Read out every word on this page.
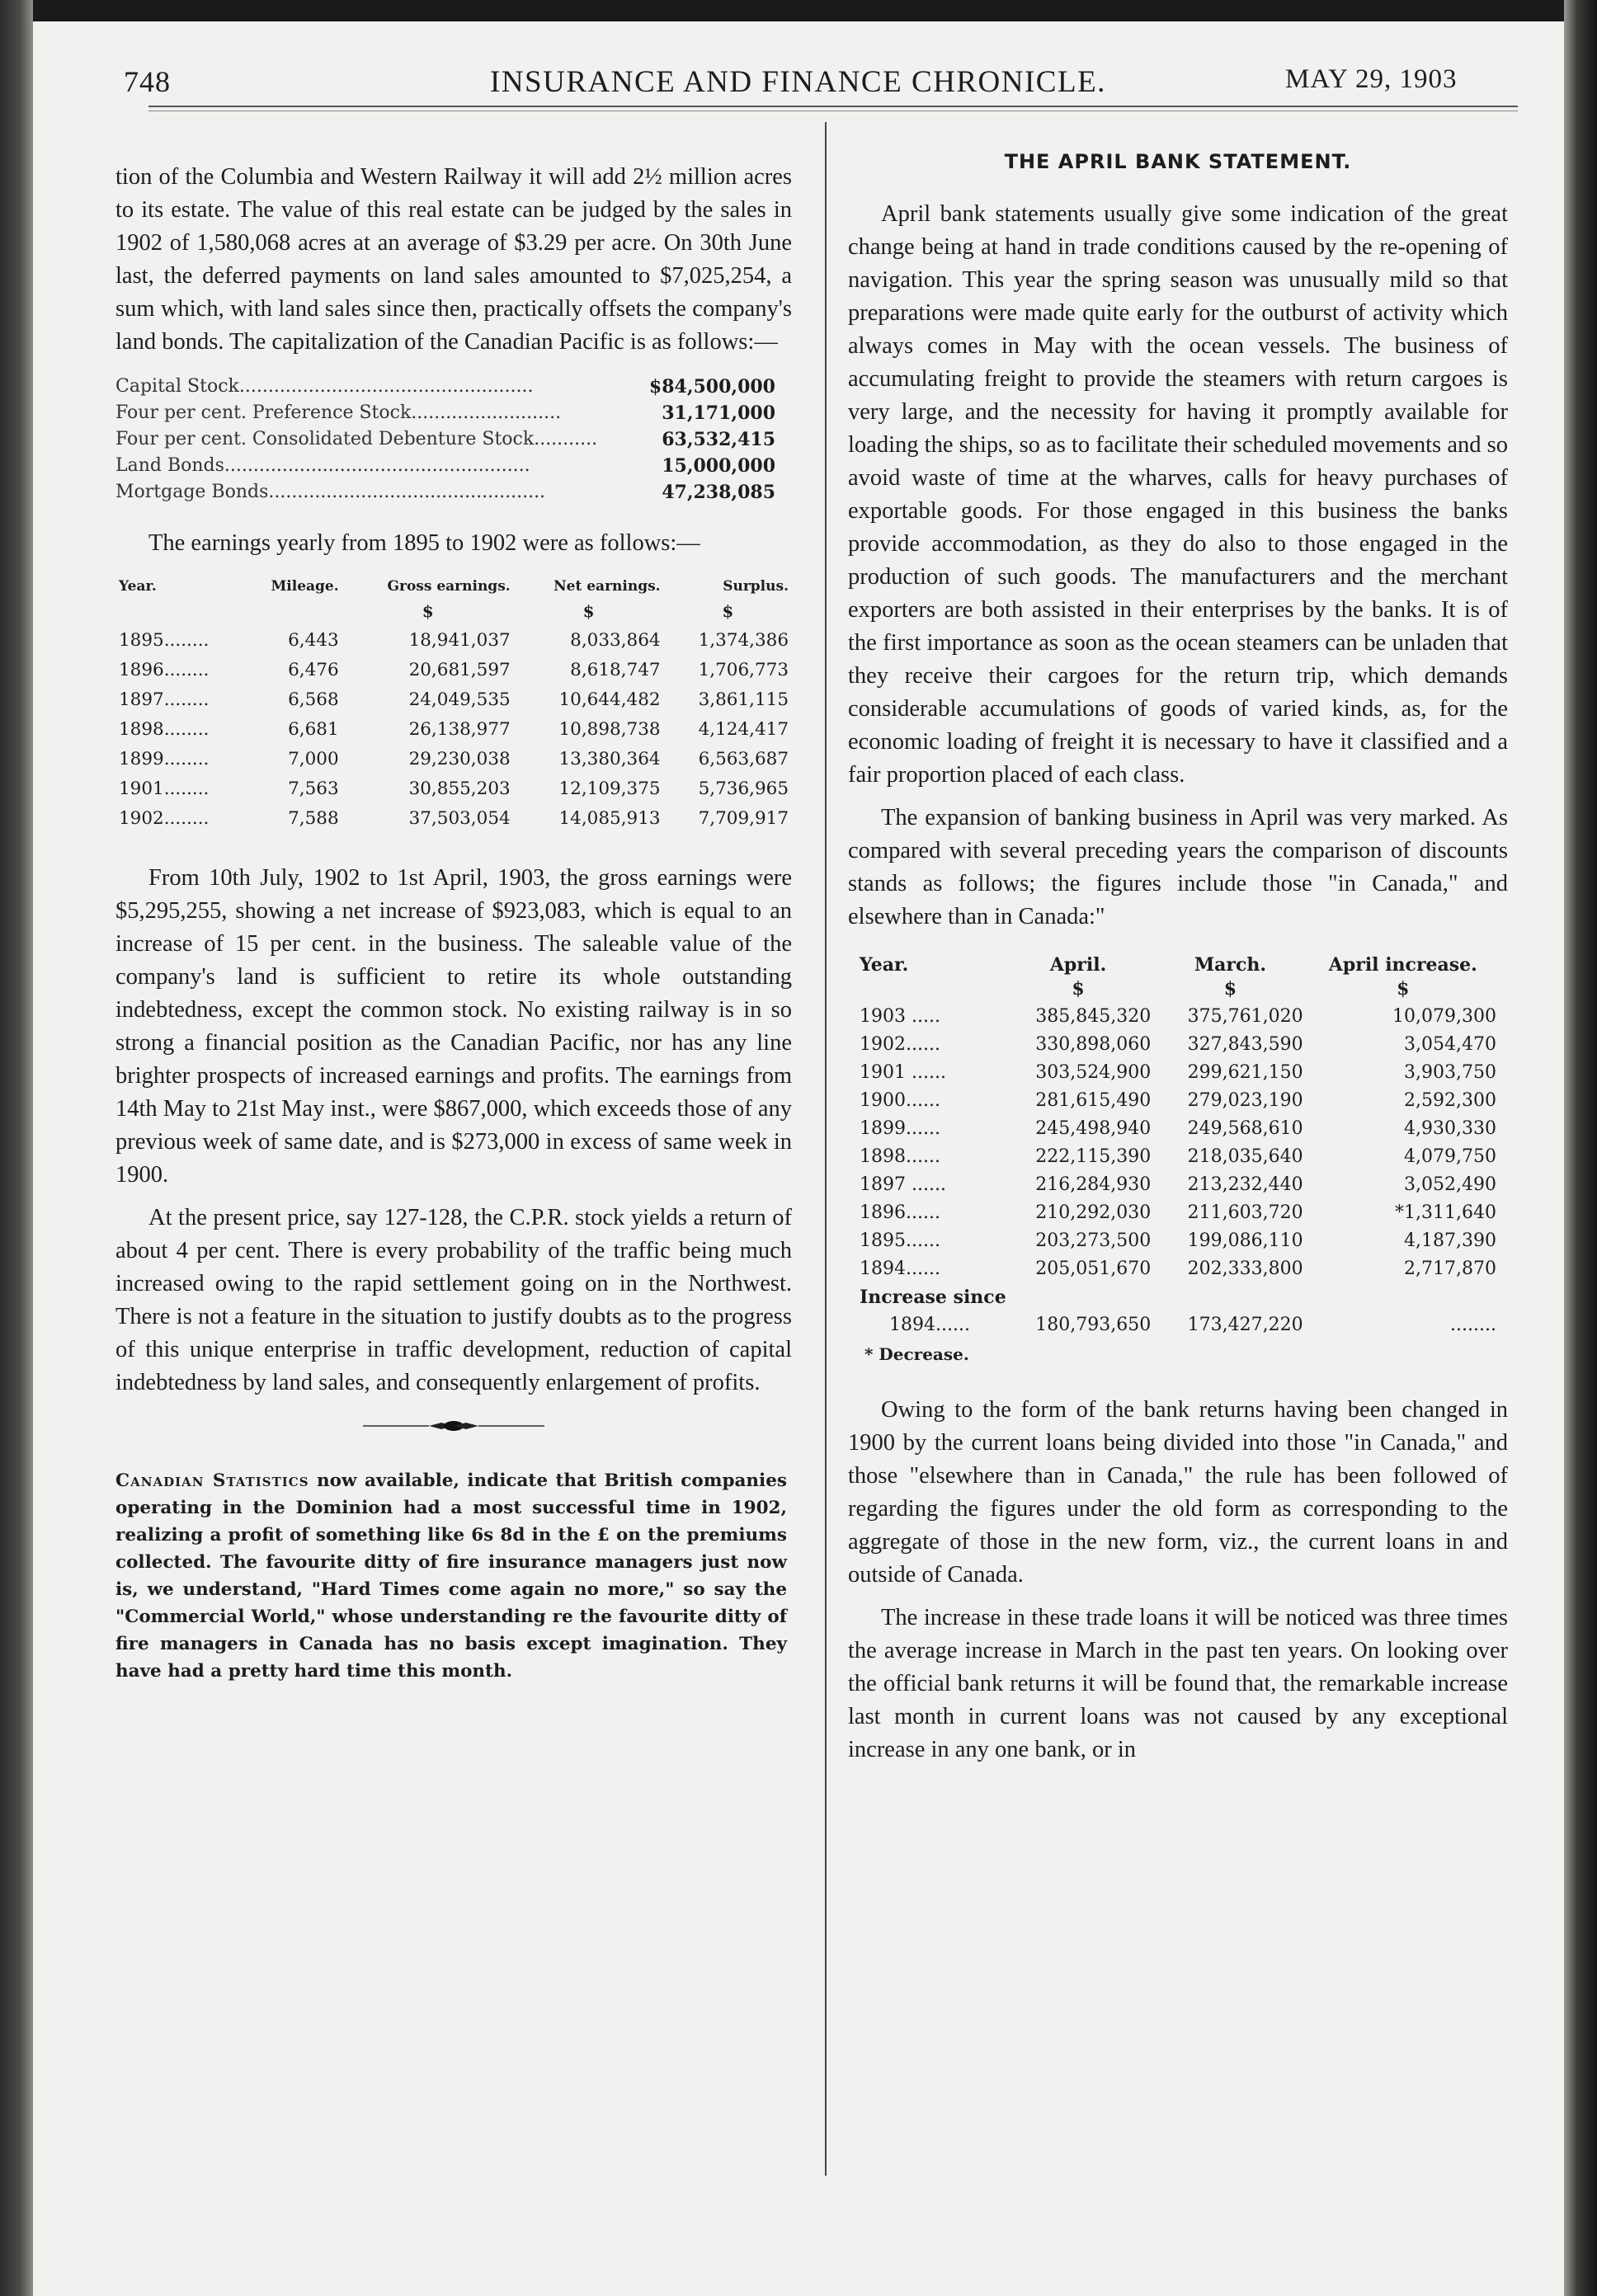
748	INSURANCE AND FINANCE CHRONICLE.	MAY 29, 1903

tion of the Columbia and Western Railway it will add 2½ million acres to its estate. The value of this real estate can be judged by the sales in 1902 of 1,580,068 acres at an average of $3.29 per acre. On 30th June last, the deferred payments on land sales amounted to $7,025,254, a sum which, with land sales since then, practically offsets the company's land bonds. The capitalization of the Canadian Pacific is as follows:—

Capital Stock...................................................	$84,500,000
Four per cent. Preference Stock..........................	31,171,000
Four per cent. Consolidated Debenture Stock...........	63,532,415
Land Bonds.....................................................	15,000,000
Mortgage Bonds................................................	47,238,085

The earnings yearly from 1895 to 1902 were as follows:—

Year.	Mileage.	Gross earnings.	Net earnings.	Surplus.
		$	$	$
1895........	6,443	18,941,037	8,033,864	1,374,386
1896........	6,476	20,681,597	8,618,747	1,706,773
1897........	6,568	24,049,535	10,644,482	3,861,115
1898........	6,681	26,138,977	10,898,738	4,124,417
1899........	7,000	29,230,038	13,380,364	6,563,687
1901........	7,563	30,855,203	12,109,375	5,736,965
1902........	7,588	37,503,054	14,085,913	7,709,917

From 10th July, 1902 to 1st April, 1903, the gross earnings were $5,295,255, showing a net increase of $923,083, which is equal to an increase of 15 per cent. in the business. The saleable value of the company's land is sufficient to retire its whole outstanding indebtedness, except the common stock. No existing railway is in so strong a financial position as the Canadian Pacific, nor has any line brighter prospects of increased earnings and profits. The earnings from 14th May to 21st May inst., were $867,000, which exceeds those of any previous week of same date, and is $273,000 in excess of same week in 1900.

At the present price, say 127-128, the C.P.R. stock yields a return of about 4 per cent. There is every probability of the traffic being much increased owing to the rapid settlement going on in the Northwest. There is not a feature in the situation to justify doubts as to the progress of this unique enterprise in traffic development, reduction of capital indebtedness by land sales, and consequently enlargement of profits.

Canadian Statistics now available, indicate that British companies operating in the Dominion had a most successful time in 1902, realizing a profit of something like 6s 8d in the £ on the premiums collected. The favourite ditty of fire insurance managers just now is, we understand, "Hard Times come again no more," so say the "Commercial World," whose understanding re the favourite ditty of fire managers in Canada has no basis except imagination. They have had a pretty hard time this month.

THE APRIL BANK STATEMENT.

April bank statements usually give some indication of the great change being at hand in trade conditions caused by the re-opening of navigation. This year the spring season was unusually mild so that preparations were made quite early for the outburst of activity which always comes in May with the ocean vessels. The business of accumulating freight to provide the steamers with return cargoes is very large, and the necessity for having it promptly available for loading the ships, so as to facilitate their scheduled movements and so avoid waste of time at the wharves, calls for heavy purchases of exportable goods. For those engaged in this business the banks provide accommodation, as they do also to those engaged in the production of such goods. The manufacturers and the merchant exporters are both assisted in their enterprises by the banks. It is of the first importance as soon as the ocean steamers can be unladen that they receive their cargoes for the return trip, which demands considerable accumulations of goods of varied kinds, as, for the economic loading of freight it is necessary to have it classified and a fair proportion placed of each class.

The expansion of banking business in April was very marked. As compared with several preceding years the comparison of discounts stands as follows; the figures include those "in Canada," and elsewhere than in Canada:"

Year.	April.	March.	April increase.
	$	$	$
1903 .....	385,845,320	375,761,020	10,079,300
1902......	330,898,060	327,843,590	3,054,470
1901 ......	303,524,900	299,621,150	3,903,750
1900......	281,615,490	279,023,190	2,592,300
1899......	245,498,940	249,568,610	4,930,330
1898......	222,115,390	218,035,640	4,079,750
1897 ......	216,284,930	213,232,440	3,052,490
1896......	210,292,030	211,603,720	*1,311,640
1895......	203,273,500	199,086,110	4,187,390
1894......	205,051,670	202,333,800	2,717,870
Increase since			
1894......	180,793,650	173,427,220	........
* Decrease.

Owing to the form of the bank returns having been changed in 1900 by the current loans being divided into those "in Canada," and those "elsewhere than in Canada," the rule has been followed of regarding the figures under the old form as corresponding to the aggregate of those in the new form, viz., the current loans in and outside of Canada.

The increase in these trade loans it will be noticed was three times the average increase in March in the past ten years. On looking over the official bank returns it will be found that, the remarkable increase last month in current loans was not caused by any exceptional increase in any one bank, or in
